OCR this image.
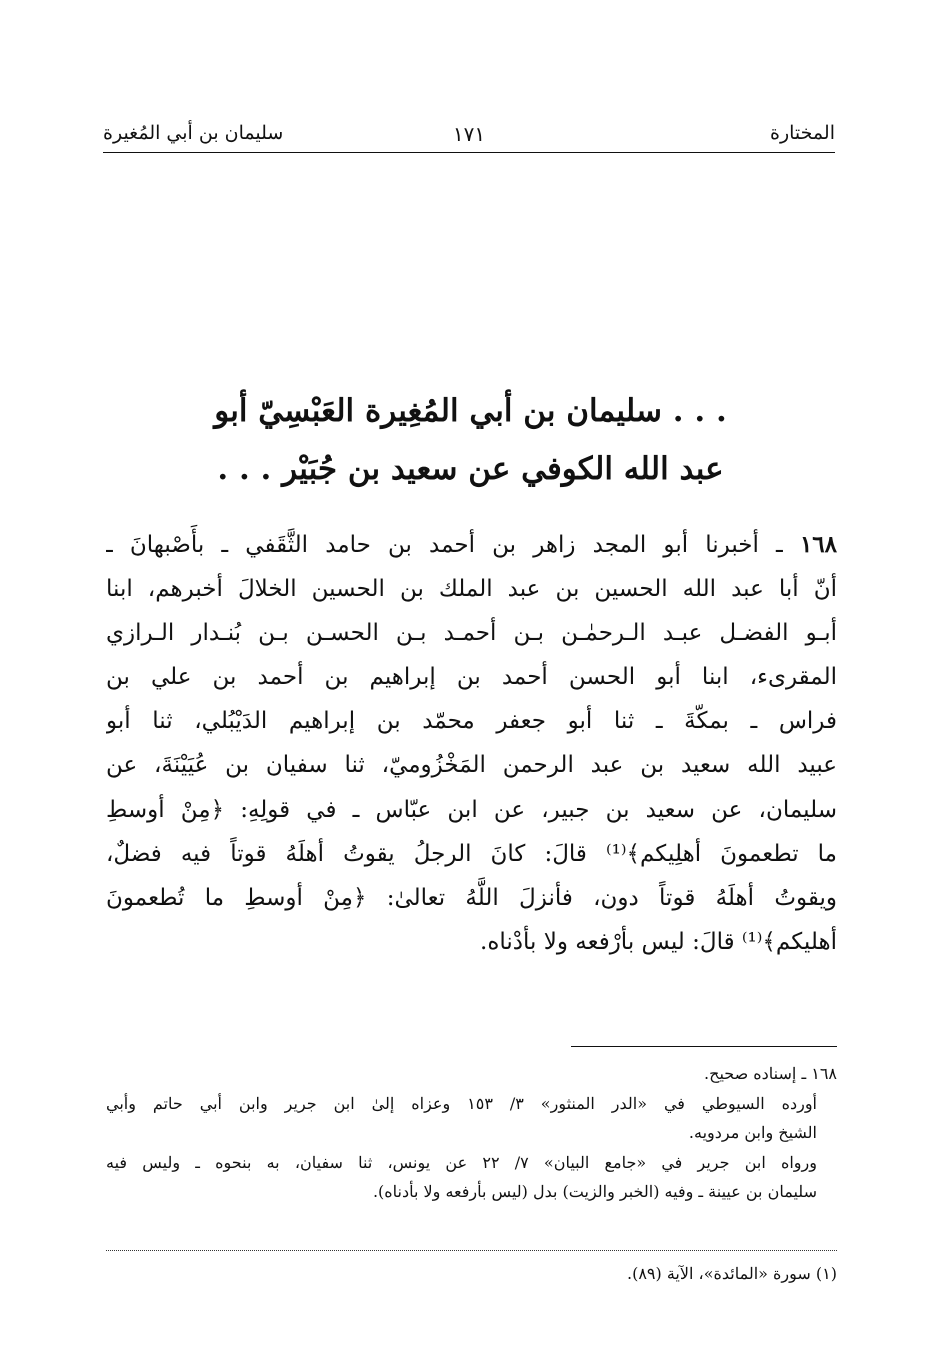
المختارة
١٧١
سليمان بن أبي المُغيرة
. . . سليمان بن أبي المُغِيرة العَبْسِيّ أبو
عبد الله الكوفي عن سعيد بن جُبَيْر . . .
١٦٨ ـ أخبرنا أبو المجد زاهر بن أحمد بن حامد الثَّقَفي ـ بأَصْبهانَ ـ
أنّ أبا عبد الله الحسين بن عبد الملك بن الحسين الخلالَ أخبرهم، ابنا
أبـو الفضـل عبـد الـرحمٰـن بـن أحمـد بـن الحسـن بـن بُنـدار الـرازي
المقرىء، ابنا أبو الحسن أحمد بن إبراهيم بن أحمد بن علي بن
فراس ـ بمكّةَ ـ ثنا أبو جعفر محمّد بن إبراهيم الدَيْبُلي، ثنا أبو
عبيد الله سعيد بن عبد الرحمن المَخْزُوميّ، ثنا سفيان بن عُيَيْنَةَ، عن
سليمان، عن سعيد بن جبير، عن ابن عبّاس ـ في قولِهِ: ﴿مِنْ أوسطِ
ما تطعمونَ أهلِيكم﴾⁽¹⁾ قالَ: كانَ الرجلُ يقوتُ أهلَهُ قوتاً فيه فضلٌ،
ويقوتُ أهلَهُ قوتاً دون، فأنزلَ اللَّهُ تعالىٰ: ﴿مِنْ أوسطِ ما تُطعمونَ
أهليكم﴾⁽¹⁾ قالَ: ليس بأرْفعه ولا بأدْناه.
١٦٨ ـ إسناده صحيح.
أورده السيوطي في «الدر المنثور» ٣/ ١٥٣ وعزاه إلىٰ ابن جرير وابن أبي حاتم وأبي
الشيخ وابن مردويه.
ورواه ابن جرير في «جامع البيان» ٧/ ٢٢ عن يونس، ثنا سفيان، به بنحوه ـ وليس فيه
سليمان بن عيينة ـ وفيه (الخبر والزيت) بدل (ليس بأرفعه ولا بأدناه).
(١) سورة «المائدة»، الآية (٨٩).
